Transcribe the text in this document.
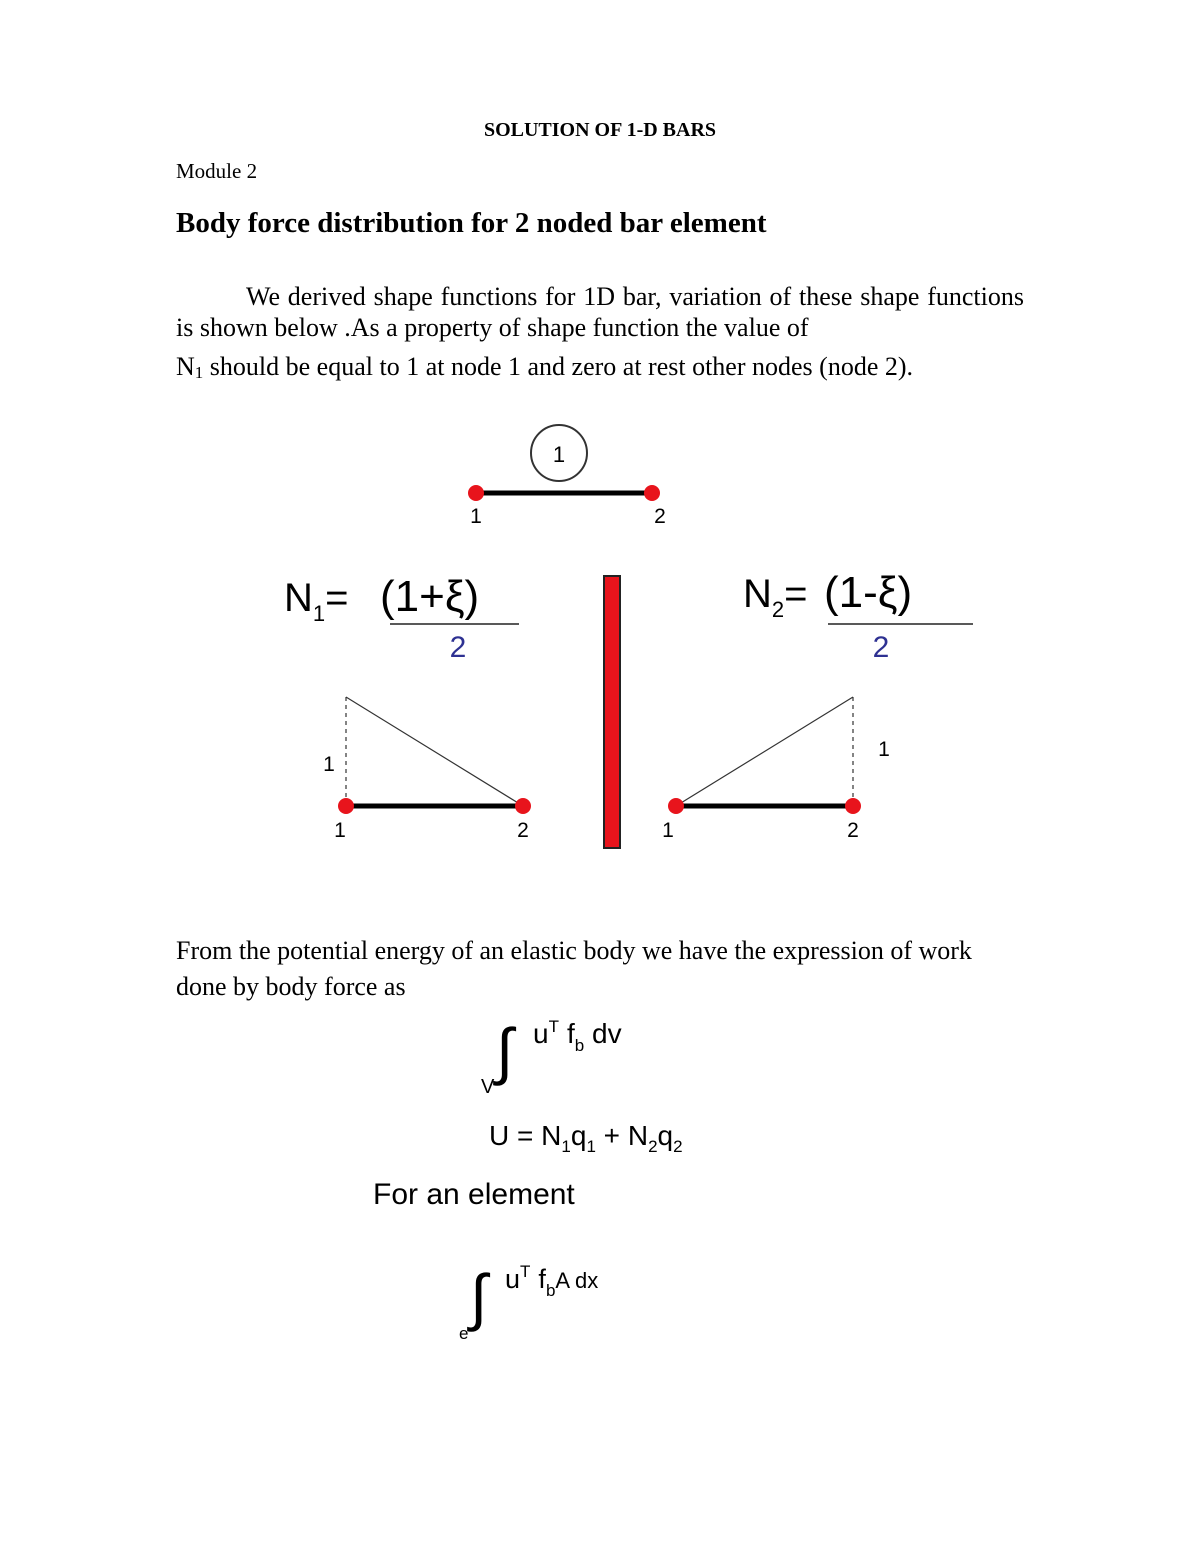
SOLUTION OF 1-D BARS
Module 2
Body force distribution for 2 noded bar element
We derived shape functions for 1D bar, variation of these shape functions is shown below .As a property of shape function the value of
$N_1$ should be equal to 1 at node 1 and zero at rest other nodes (node 2).
From the potential energy of an elastic body we have the expression of work done by body force as
1
1	2
$N_1= (1+\xi)$
2
$N_2= (1-\xi)$
2
1
1	2
1
1	2
∫
V
$u^T$ $f_b$ dv
$U = N_1q_1 + N_2q_2$
For an element
∫
e
$u^T$ $f_b^{A dx}$
